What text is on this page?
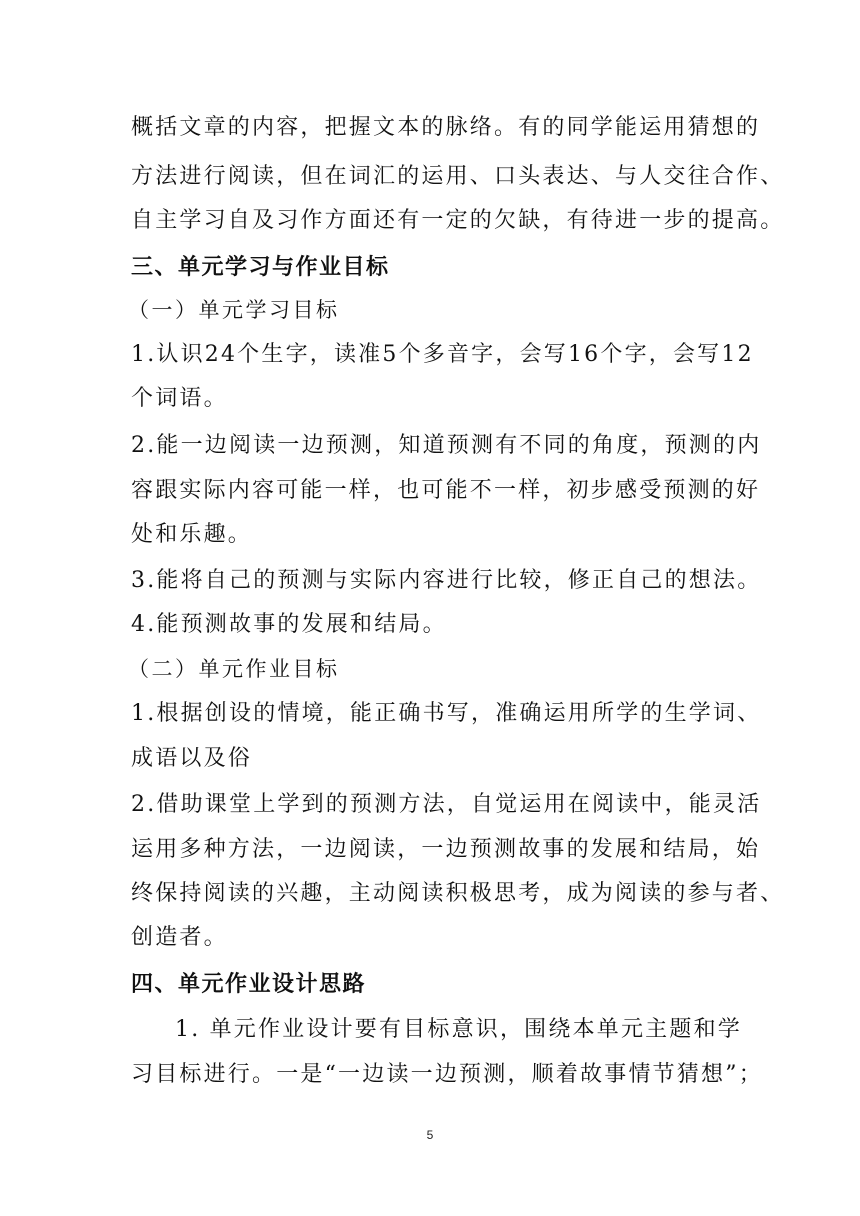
概括文章的内容，把握文本的脉络。有的同学能运用猜想的
方法进行阅读，但在词汇的运用、口头表达、与人交往合作、
自主学习自及习作方面还有一定的欠缺，有待进一步的提高。
三、单元学习与作业目标
（一）单元学习目标
1.认识24个生字，读准5个多音字，会写16个字，会写12
个词语。
2.能一边阅读一边预测，知道预测有不同的角度，预测的内
容跟实际内容可能一样，也可能不一样，初步感受预测的好
处和乐趣。
3.能将自己的预测与实际内容进行比较，修正自己的想法。
4.能预测故事的发展和结局。
（二）单元作业目标
1.根据创设的情境，能正确书写，准确运用所学的生学词、
成语以及俗
2.借助课堂上学到的预测方法，自觉运用在阅读中，能灵活
运用多种方法，一边阅读，一边预测故事的发展和结局，始
终保持阅读的兴趣，主动阅读积极思考，成为阅读的参与者、
创造者。
四、单元作业设计思路
1. 单元作业设计要有目标意识，围绕本单元主题和学
习目标进行。一是“一边读一边预测，顺着故事情节猜想”；
5
